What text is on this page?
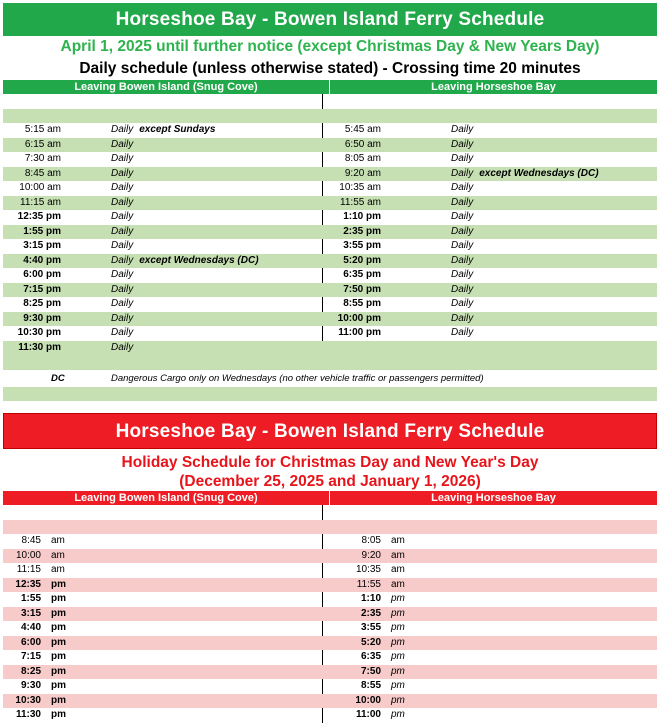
Horseshoe Bay - Bowen Island Ferry Schedule
April 1, 2025 until further notice (except Christmas Day & New Years Day)
Daily schedule (unless otherwise stated) - Crossing time 20 minutes
Leaving Bowen Island (Snug Cove)	Leaving Horseshoe Bay
5:15 am	Daily except Sundays	5:45 am	Daily
6:15 am	Daily	6:50 am	Daily
7:30 am	Daily	8:05 am	Daily
8:45 am	Daily	9:20 am	Daily except Wednesdays (DC)
10:00 am	Daily	10:35 am	Daily
11:15 am	Daily	11:55 am	Daily
12:35 pm	Daily	1:10 pm	Daily
1:55 pm	Daily	2:35 pm	Daily
3:15 pm	Daily	3:55 pm	Daily
4:40 pm	Daily except Wednesdays (DC)	5:20 pm	Daily
6:00 pm	Daily	6:35 pm	Daily
7:15 pm	Daily	7:50 pm	Daily
8:25 pm	Daily	8:55 pm	Daily
9:30 pm	Daily	10:00 pm	Daily
10:30 pm	Daily	11:00 pm	Daily
11:30 pm	Daily
DC	Dangerous Cargo only on Wednesdays (no other vehicle traffic or passengers permitted)
Horseshoe Bay - Bowen Island Ferry Schedule
Holiday Schedule for Christmas Day and New Year's Day
(December 25, 2025 and January 1, 2026)
Leaving Bowen Island (Snug Cove)	Leaving Horseshoe Bay
8:45 am	8:05 am
10:00 am	9:20 am
11:15 am	10:35 am
12:35 pm	11:55 am
1:55 pm	1:10 pm
3:15 pm	2:35 pm
4:40 pm	3:55 pm
6:00 pm	5:20 pm
7:15 pm	6:35 pm
8:25 pm	7:50 pm
9:30 pm	8:55 pm
10:30 pm	10:00 pm
11:30 pm	11:00 pm
